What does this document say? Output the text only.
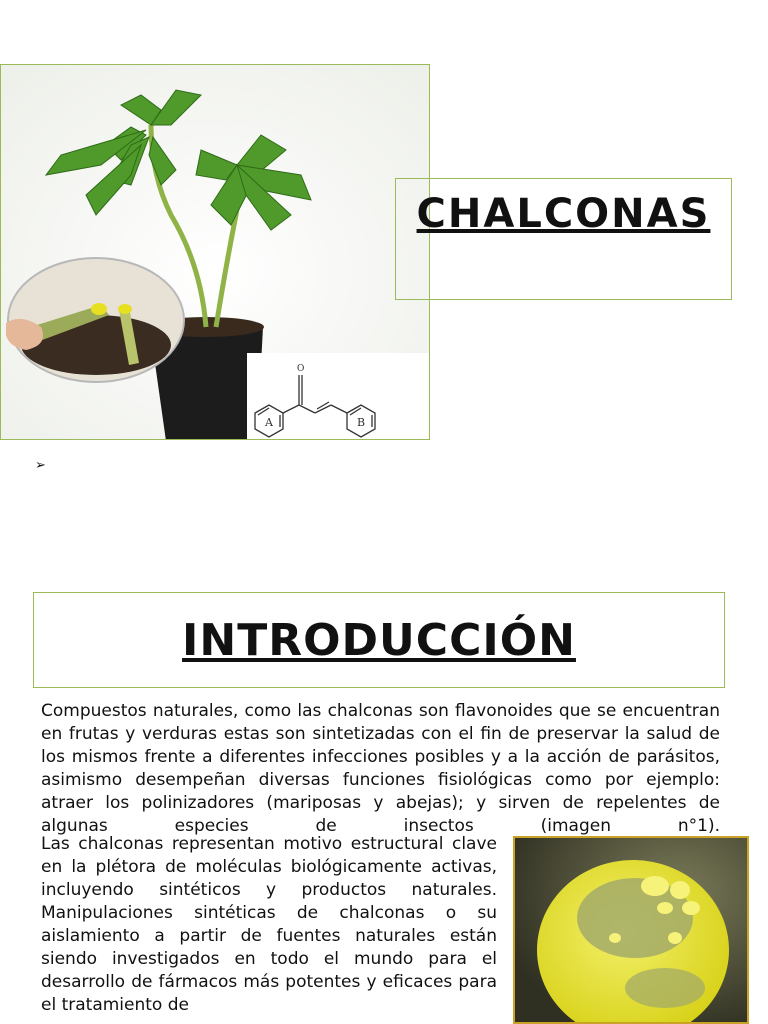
O
A	B
CHALCONAS
➢
INTRODUCCIÓN
Compuestos naturales, como las chalconas son flavonoides que se encuentran en frutas y verduras estas son sintetizadas con el fin de preservar la salud de los mismos frente a diferentes infecciones posibles y a la acción de parásitos, asimismo desempeñan diversas funciones fisiológicas como por ejemplo: atraer los polinizadores (mariposas y abejas); y sirven de repelentes de algunas especies de insectos (imagen n°1).
Las chalconas representan motivo estructural clave en la plétora de moléculas biológicamente activas, incluyendo sintéticos y productos naturales. Manipulaciones sintéticas de chalconas o su aislamiento a partir de fuentes naturales están siendo investigados en todo el mundo para el desarrollo de fármacos más potentes y eficaces para el tratamiento de
